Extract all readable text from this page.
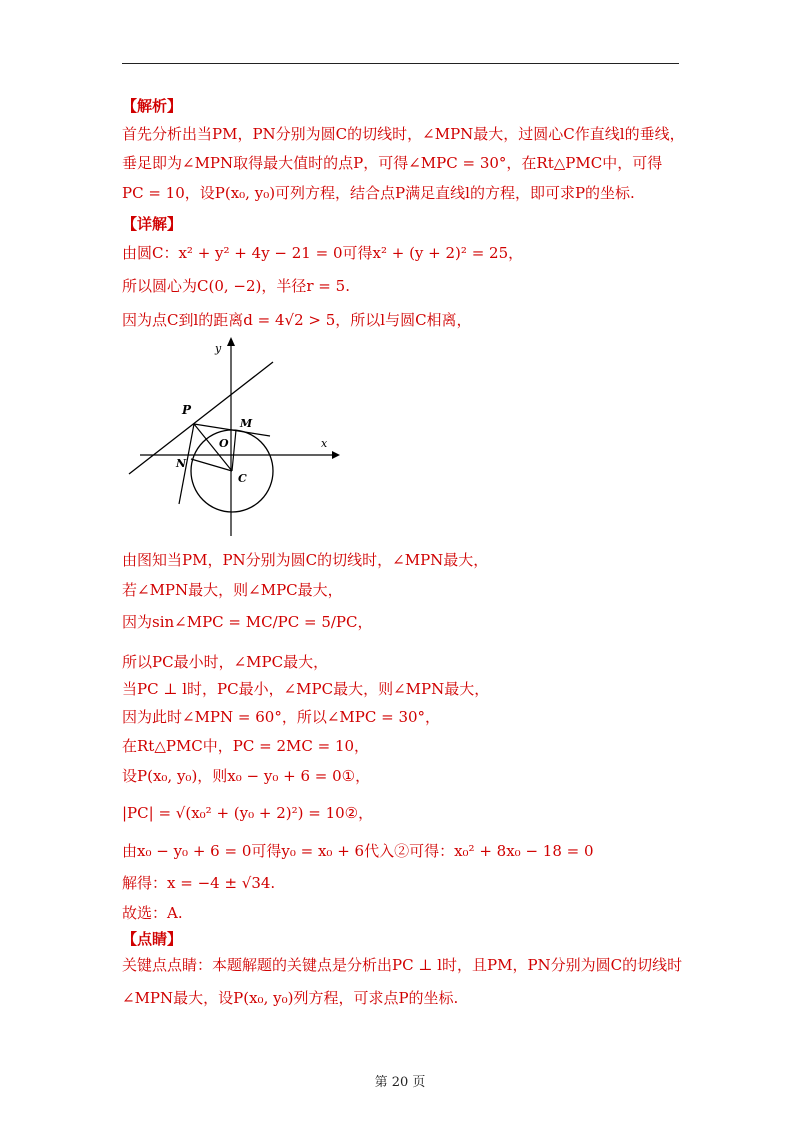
【解析】
首先分析出当PM，PN分别为圆C的切线时，∠MPN最大，过圆心C作直线l的垂线，
垂足即为∠MPN取得最大值时的点P，可得∠MPC = 30°，在Rt△PMC中，可得
PC = 10，设P(x₀, y₀)可列方程，结合点P满足直线l的方程，即可求P的坐标.
【详解】
由圆C：x² + y² + 4y − 21 = 0可得x² + (y + 2)² = 25，
所以圆心为C(0, −2)，半径r = 5.
因为点C到l的距离d = 4√2 > 5，所以l与圆C相离，
y
x
P
M
O
N
C
由图知当PM，PN分别为圆C的切线时，∠MPN最大，
若∠MPN最大，则∠MPC最大，
因为sin∠MPC = MC/PC = 5/PC，
所以PC最小时，∠MPC最大，
当PC ⊥ l时，PC最小，∠MPC最大，则∠MPN最大，
因为此时∠MPN = 60°，所以∠MPC = 30°，
在Rt△PMC中，PC = 2MC = 10，
设P(x₀, y₀)，则x₀ − y₀ + 6 = 0①，
|PC| = √(x₀² + (y₀ + 2)²) = 10②，
由x₀ − y₀ + 6 = 0可得y₀ = x₀ + 6代入②可得：x₀² + 8x₀ − 18 = 0
解得：x = −4 ± √34.
故选：A.
【点睛】
关键点点睛：本题解题的关键点是分析出PC ⊥ l时，且PM，PN分别为圆C的切线时
∠MPN最大，设P(x₀, y₀)列方程，可求点P的坐标.
第 20 页
